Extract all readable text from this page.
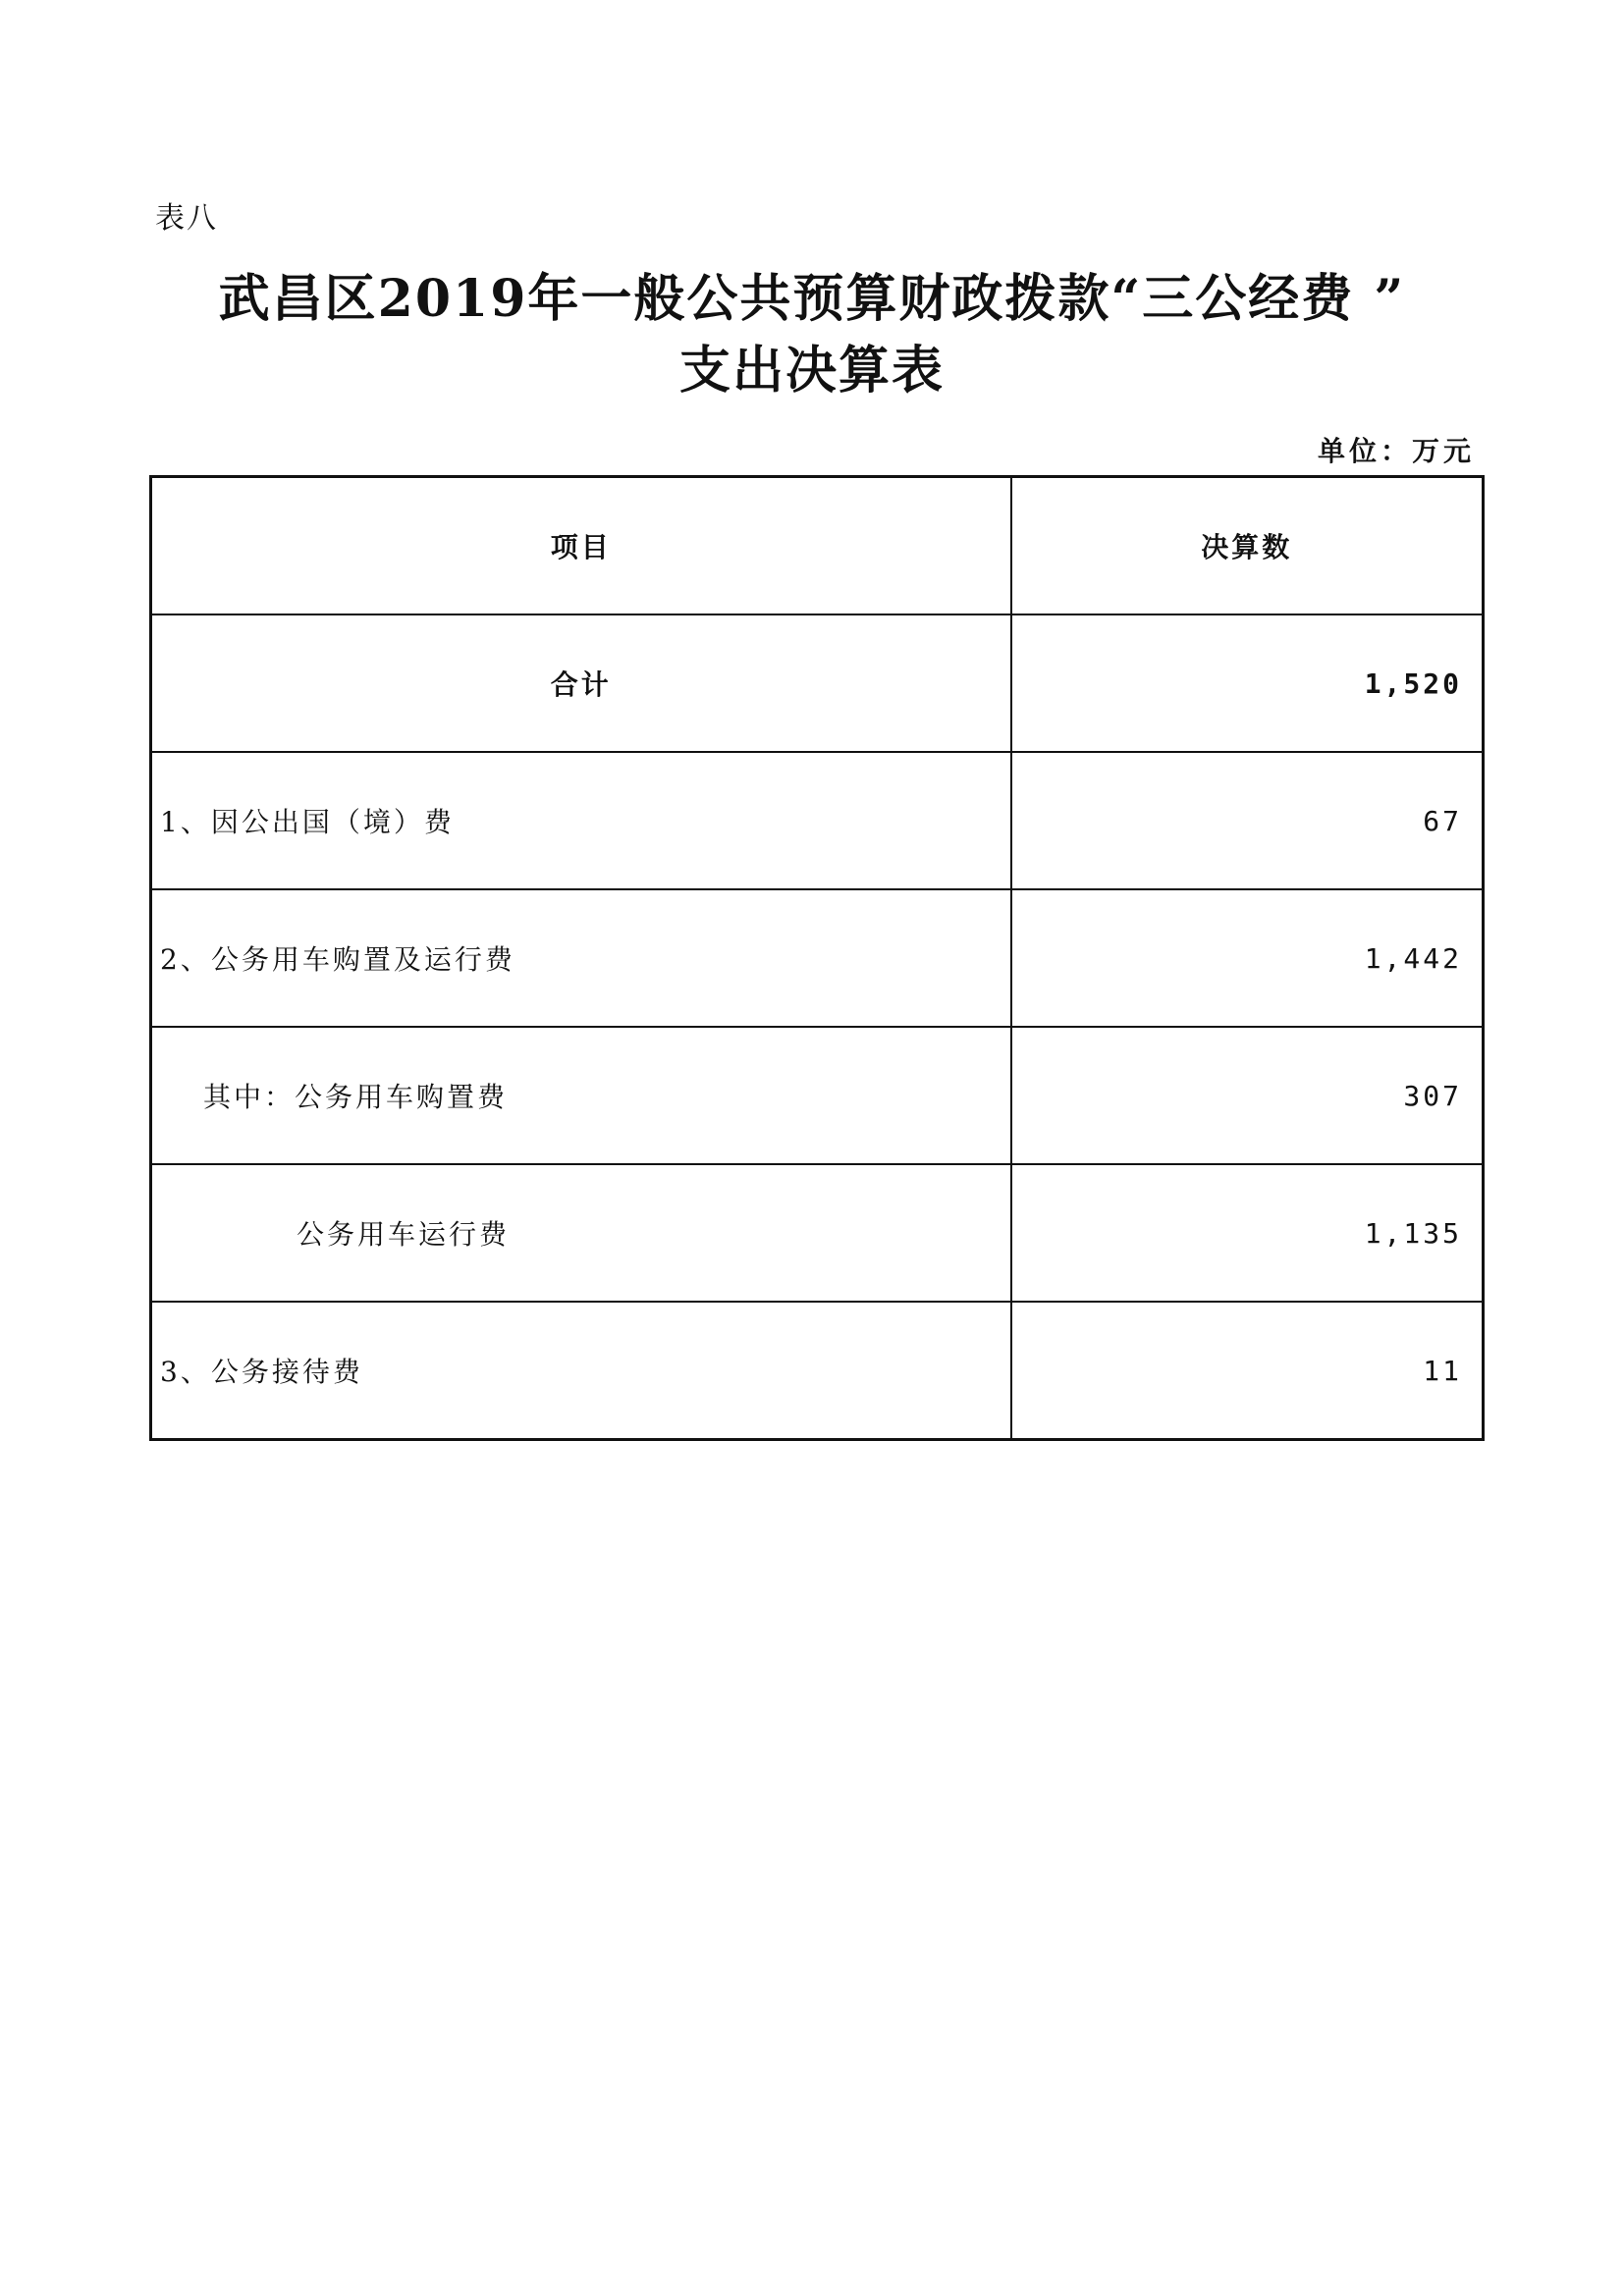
表八
武昌区2019年一般公共预算财政拨款“三公经费 ”
支出决算表
单位：万元
项目	决算数
合计	1,520
1、因公出国（境）费	67
2、公务用车购置及运行费	1,442
其中：公务用车购置费	307
公务用车运行费	1,135
3、公务接待费	11
